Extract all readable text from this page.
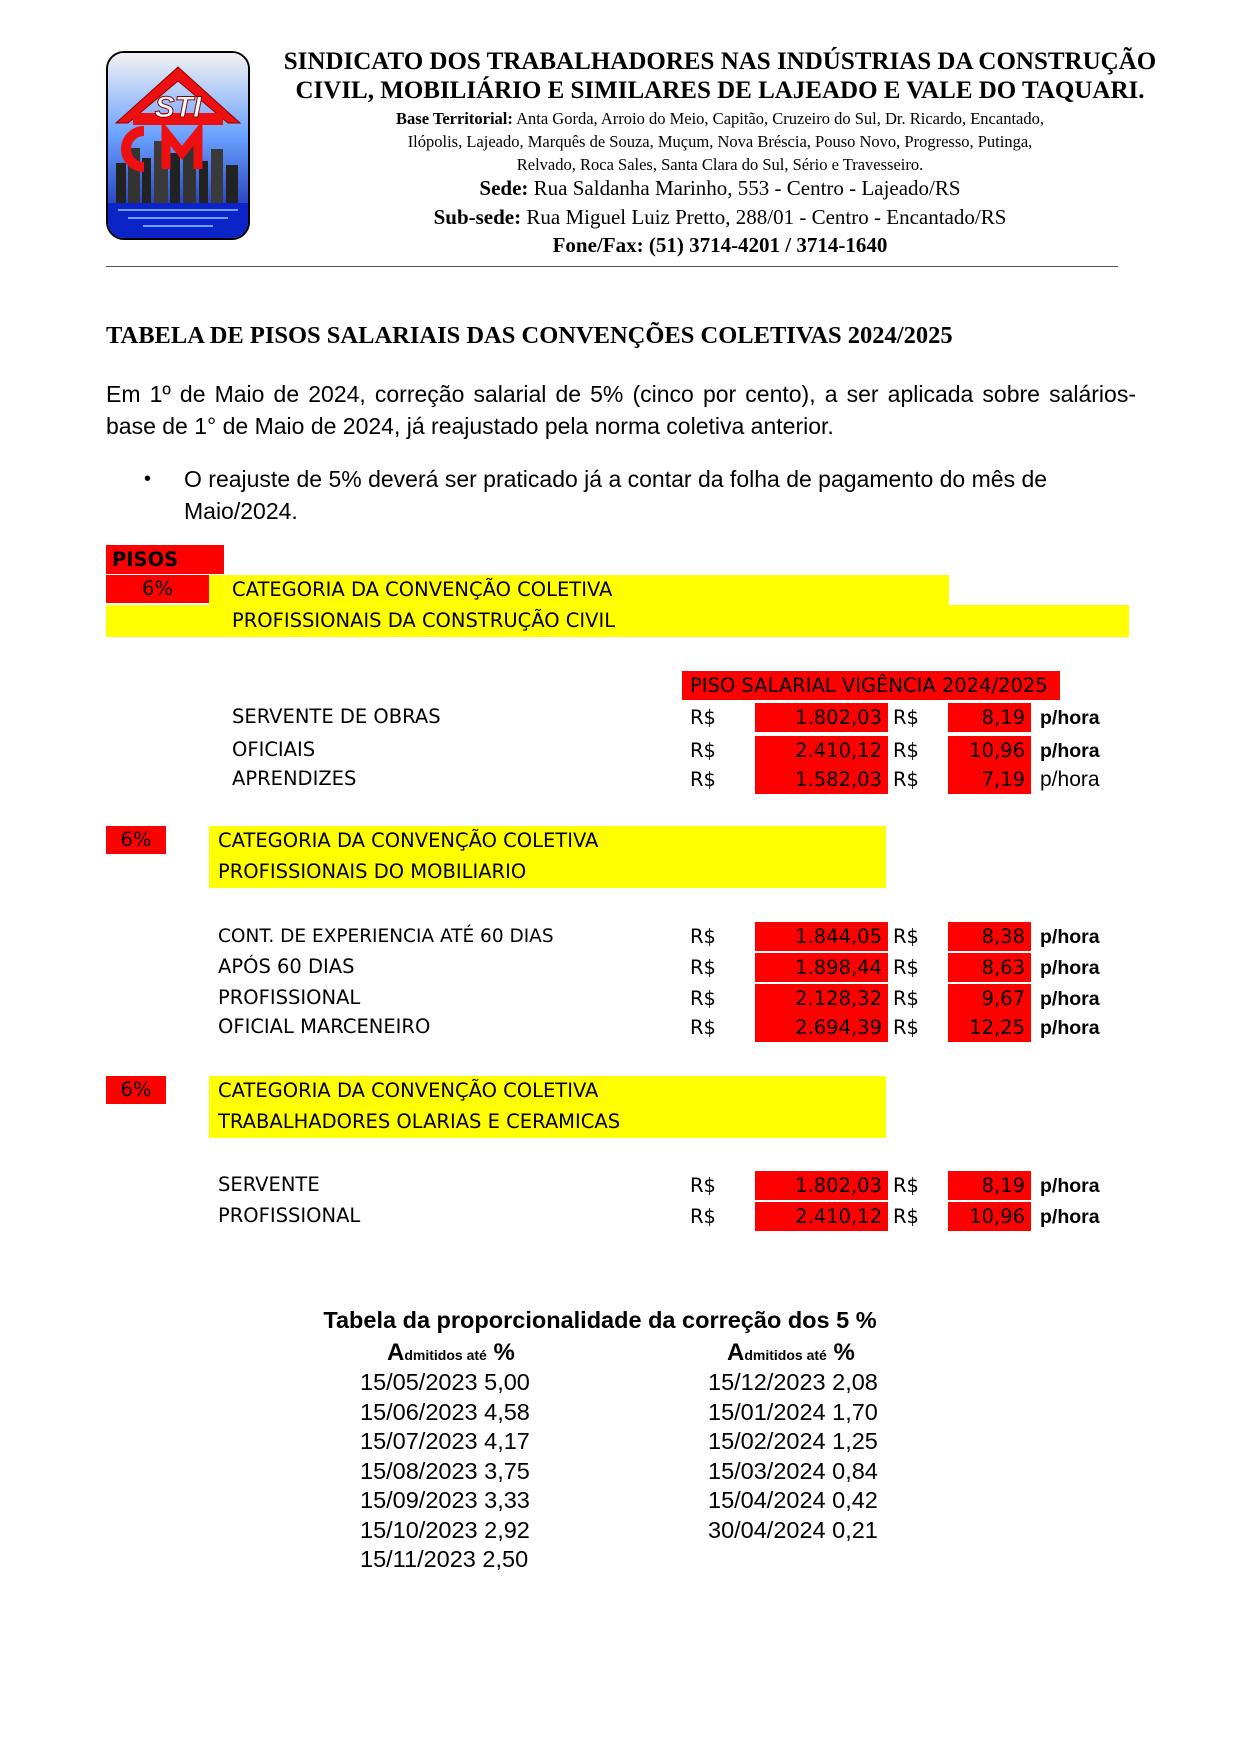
STI
SINDICATO DOS TRABALHADORES NAS INDÚSTRIAS DA CONSTRUÇÃO
CIVIL, MOBILIÁRIO E SIMILARES DE LAJEADO E VALE DO TAQUARI.
Base Territorial: Anta Gorda, Arroio do Meio, Capitão, Cruzeiro do Sul, Dr. Ricardo, Encantado,
Ilópolis, Lajeado, Marquês de Souza, Muçum, Nova Bréscia, Pouso Novo, Progresso, Putinga,
Relvado, Roca Sales, Santa Clara do Sul, Sério e Travesseiro.
Sede: Rua Saldanha Marinho, 553 - Centro - Lajeado/RS
Sub-sede: Rua Miguel Luiz Pretto, 288/01 - Centro - Encantado/RS
Fone/Fax: (51) 3714-4201 / 3714-1640
TABELA DE PISOS SALARIAIS DAS CONVENÇÕES COLETIVAS 2024/2025
Em 1º de Maio de 2024, correção salarial de 5% (cinco por cento), a ser aplicada sobre salários-base de 1° de Maio de 2024, já reajustado pela norma coletiva anterior.
• O reajuste de 5% deverá ser praticado já a contar da folha de pagamento do mês de Maio/2024.
PISOS
6%	CATEGORIA DA CONVENÇÃO COLETIVA
PROFISSIONAIS DA CONSTRUÇÃO CIVIL
PISO SALARIAL VIGÊNCIA 2024/2025
SERVENTE DE OBRAS	R$	1.802,03 R$	8,19 p/hora
OFICIAIS	R$	2.410,12 R$	10,96 p/hora
APRENDIZES	R$	1.582,03 R$	7,19 p/hora
6%	CATEGORIA DA CONVENÇÃO COLETIVA
PROFISSIONAIS DO MOBILIARIO
CONT. DE EXPERIENCIA ATÉ 60 DIAS	R$	1.844,05 R$	8,38 p/hora
APÓS 60 DIAS	R$	1.898,44 R$	8,63 p/hora
PROFISSIONAL	R$	2.128,32 R$	9,67 p/hora
OFICIAL MARCENEIRO	R$	2.694,39 R$	12,25 p/hora
6%	CATEGORIA DA CONVENÇÃO COLETIVA
TRABALHADORES OLARIAS E CERAMICAS
SERVENTE	R$	1.802,03 R$	8,19 p/hora
PROFISSIONAL	R$	2.410,12 R$	10,96 p/hora
Tabela da proporcionalidade da correção dos 5 %
Admitidos até %	Admitidos até %
15/05/2023 5,00
15/06/2023 4,58
15/07/2023 4,17
15/08/2023 3,75
15/09/2023 3,33
15/10/2023 2,92
15/11/2023 2,50
15/12/2023 2,08
15/01/2024 1,70
15/02/2024 1,25
15/03/2024 0,84
15/04/2024 0,42
30/04/2024 0,21
